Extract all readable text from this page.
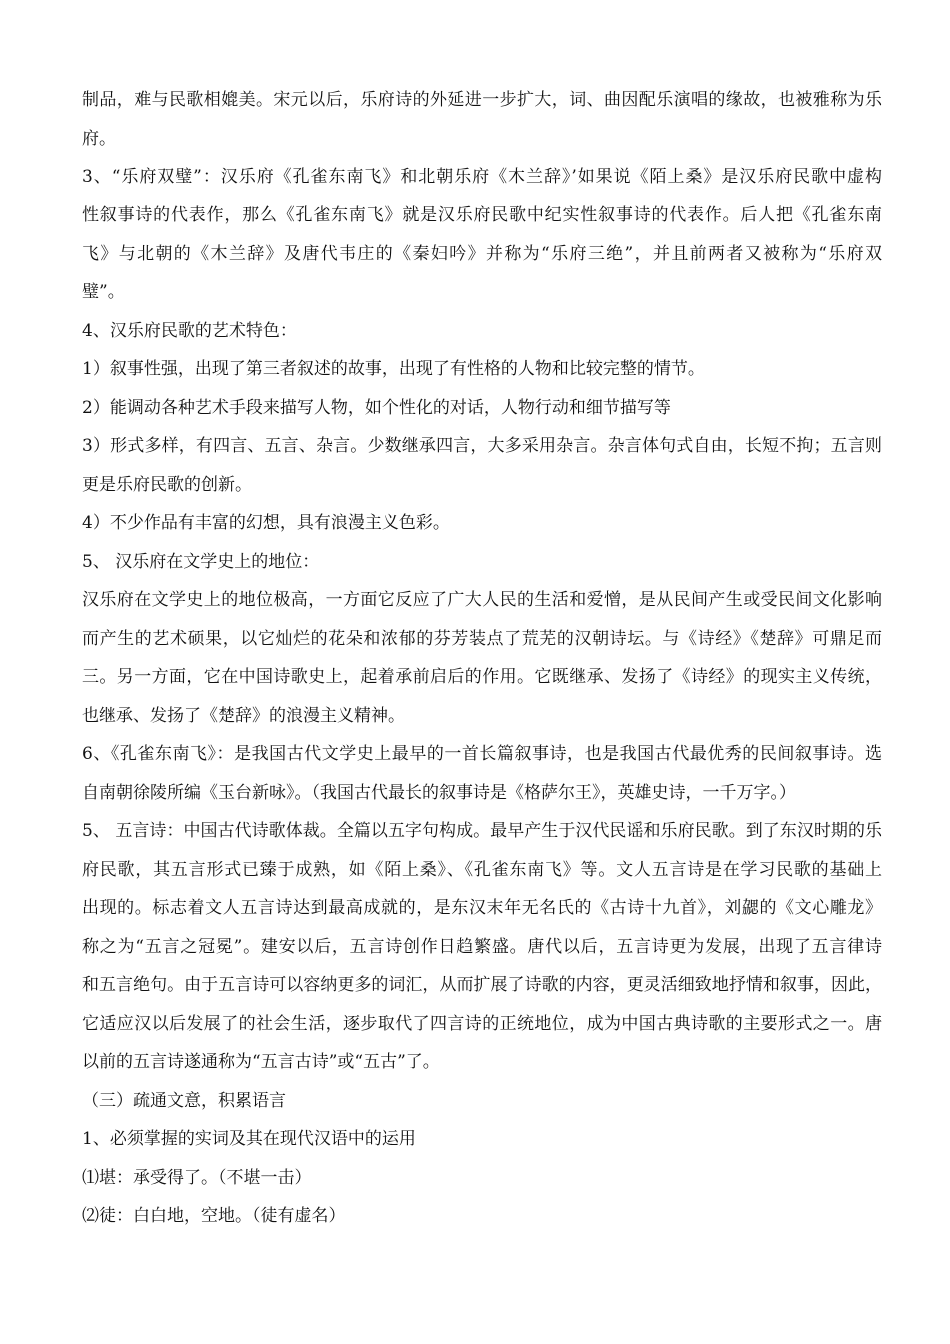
制品，难与民歌相媲美。宋元以后，乐府诗的外延进一步扩大，词、曲因配乐演唱的缘故，也被雅称为乐

府。

3、“乐府双璧”：汉乐府《孔雀东南飞》和北朝乐府《木兰辞》’如果说《陌上桑》是汉乐府民歌中虚构

性叙事诗的代表作，那么《孔雀东南飞》就是汉乐府民歌中纪实性叙事诗的代表作。后人把《孔雀东南

飞》与北朝的《木兰辞》及唐代韦庄的《秦妇吟》并称为“乐府三绝”，并且前两者又被称为“乐府双

璧”。

4、汉乐府民歌的艺术特色：

1）叙事性强，出现了第三者叙述的故事，出现了有性格的人物和比较完整的情节。

2）能调动各种艺术手段来描写人物，如个性化的对话，人物行动和细节描写等

3）形式多样，有四言、五言、杂言。少数继承四言，大多采用杂言。杂言体句式自由，长短不拘；五言则

更是乐府民歌的创新。

4）不少作品有丰富的幻想，具有浪漫主义色彩。

5、 汉乐府在文学史上的地位：

汉乐府在文学史上的地位极高，一方面它反应了广大人民的生活和爱憎，是从民间产生或受民间文化影响

而产生的艺术硕果，以它灿烂的花朵和浓郁的芬芳装点了荒芜的汉朝诗坛。与《诗经》《楚辞》可鼎足而

三。另一方面，它在中国诗歌史上，起着承前启后的作用。它既继承、发扬了《诗经》的现实主义传统，

也继承、发扬了《楚辞》的浪漫主义精神。

6、《孔雀东南飞》：是我国古代文学史上最早的一首长篇叙事诗，也是我国古代最优秀的民间叙事诗。选

自南朝徐陵所编《玉台新咏》。（我国古代最长的叙事诗是《格萨尔王》，英雄史诗，一千万字。）

5、 五言诗：中国古代诗歌体裁。全篇以五字句构成。最早产生于汉代民谣和乐府民歌。到了东汉时期的乐

府民歌，其五言形式已臻于成熟，如《陌上桑》、《孔雀东南飞》等。文人五言诗是在学习民歌的基础上

出现的。标志着文人五言诗达到最高成就的，是东汉末年无名氏的《古诗十九首》，刘勰的《文心雕龙》

称之为“五言之冠冕”。建安以后，五言诗创作日趋繁盛。唐代以后，五言诗更为发展，出现了五言律诗

和五言绝句。由于五言诗可以容纳更多的词汇，从而扩展了诗歌的内容，更灵活细致地抒情和叙事，因此，

它适应汉以后发展了的社会生活，逐步取代了四言诗的正统地位，成为中国古典诗歌的主要形式之一。唐

以前的五言诗遂通称为“五言古诗”或“五古”了。

（三）疏通文意，积累语言

1、必须掌握的实词及其在现代汉语中的运用

⑴堪：承受得了。（不堪一击）

⑵徒：白白地，空地。（徒有虚名）
